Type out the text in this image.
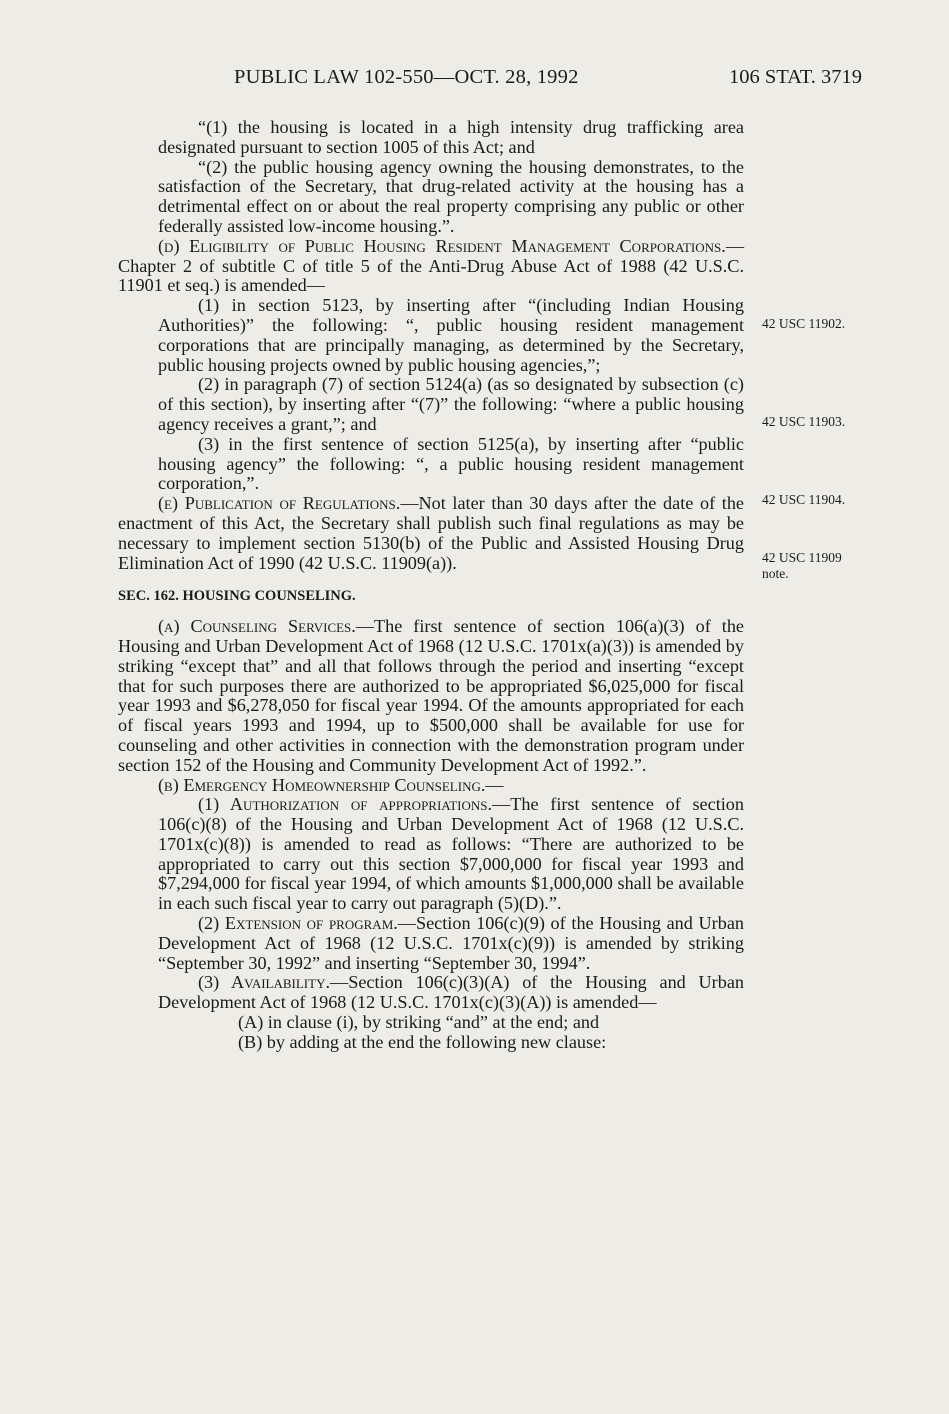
PUBLIC LAW 102-550—OCT. 28, 1992	106 STAT. 3719

“(1) the housing is located in a high intensity drug trafficking area designated pursuant to section 1005 of this Act; and

“(2) the public housing agency owning the housing demonstrates, to the satisfaction of the Secretary, that drug-related activity at the housing has a detrimental effect on or about the real property comprising any public or other federally assisted low-income housing.”.

(d) Eligibility of Public Housing Resident Management Corporations.—Chapter 2 of subtitle C of title 5 of the Anti-Drug Abuse Act of 1988 (42 U.S.C. 11901 et seq.) is amended—

(1) in section 5123, by inserting after “(including Indian Housing Authorities)” the following: “, public housing resident management corporations that are principally managing, as determined by the Secretary, public housing projects owned by public housing agencies,”;

(2) in paragraph (7) of section 5124(a) (as so designated by subsection (c) of this section), by inserting after “(7)” the following: “where a public housing agency receives a grant,”; and

(3) in the first sentence of section 5125(a), by inserting after “public housing agency” the following: “, a public housing resident management corporation,”.

(e) Publication of Regulations.—Not later than 30 days after the date of the enactment of this Act, the Secretary shall publish such final regulations as may be necessary to implement section 5130(b) of the Public and Assisted Housing Drug Elimination Act of 1990 (42 U.S.C. 11909(a)).

SEC. 162. HOUSING COUNSELING.

(a) Counseling Services.—The first sentence of section 106(a)(3) of the Housing and Urban Development Act of 1968 (12 U.S.C. 1701x(a)(3)) is amended by striking “except that” and all that follows through the period and inserting “except that for such purposes there are authorized to be appropriated $6,025,000 for fiscal year 1993 and $6,278,050 for fiscal year 1994. Of the amounts appropriated for each of fiscal years 1993 and 1994, up to $500,000 shall be available for use for counseling and other activities in connection with the demonstration program under section 152 of the Housing and Community Development Act of 1992.”.

(b) Emergency Homeownership Counseling.—

(1) Authorization of appropriations.—The first sentence of section 106(c)(8) of the Housing and Urban Development Act of 1968 (12 U.S.C. 1701x(c)(8)) is amended to read as follows: “There are authorized to be appropriated to carry out this section $7,000,000 for fiscal year 1993 and $7,294,000 for fiscal year 1994, of which amounts $1,000,000 shall be available in each such fiscal year to carry out paragraph (5)(D).”.

(2) Extension of program.—Section 106(c)(9) of the Housing and Urban Development Act of 1968 (12 U.S.C. 1701x(c)(9)) is amended by striking “September 30, 1992” and inserting “September 30, 1994”.

(3) Availability.—Section 106(c)(3)(A) of the Housing and Urban Development Act of 1968 (12 U.S.C. 1701x(c)(3)(A)) is amended—

(A) in clause (i), by striking “and” at the end; and

(B) by adding at the end the following new clause:

42 USC 11902.
42 USC 11903.
42 USC 11904.
42 USC 11909
note.
